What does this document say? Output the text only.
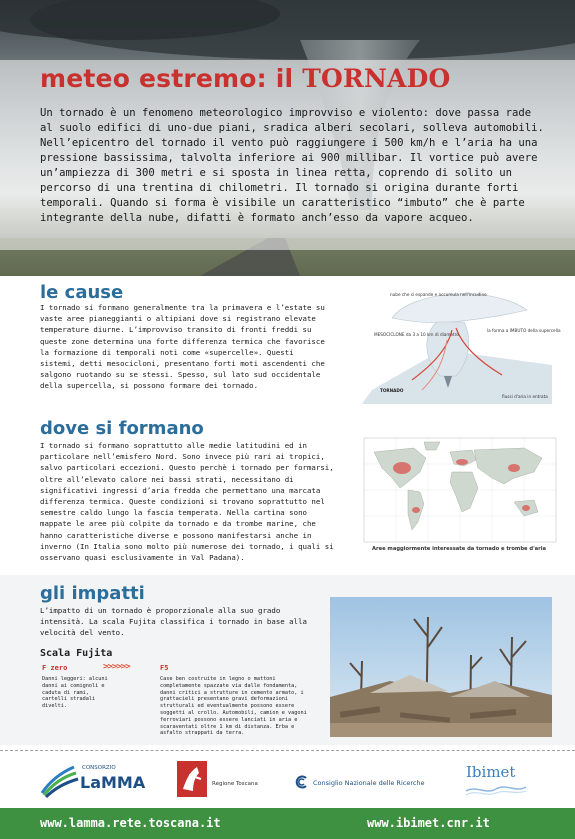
meteo estremo: il TORNADO

Un tornado è un fenomeno meteorologico improvviso e violento: dove passa rade al suolo edifici di uno-due piani, sradica alberi secolari, solleva automobili. Nell’epicentro del tornado il vento può raggiungere i 500 km/h e l’aria ha una pressione bassissima, talvolta inferiore ai 900 millibar. Il vortice può avere un’ampiezza di 300 metri e si sposta in linea retta, coprendo di solito un percorso di una trentina di chilometri. Il tornado si origina durante forti temporali. Quando si forma è visibile un caratteristico “imbuto” che è parte integrante della nube, difatti è formato anch’esso da vapore acqueo.

le cause

I tornado si formano generalmente tra la primavera e l’estate su vaste aree pianeggianti o altipiani dove si registrano elevate temperature diurne. L’improvviso transito di fronti freddi su queste zone determina una forte differenza termica che favorisce la formazione di temporali noti come «supercelle». Questi sistemi, detti mesocicloni, presentano forti moti ascendenti che salgono ruotando su se stessi. Spesso, sul lato sud occidentale della supercella, si possono formare dei tornado.

nube che si espande e accumula nell'incudine
MESOCICLONE da 3 a 10 km di diametro
la forma a IMBUTO della supercella
TORNADO
flussi d'aria in entrata
dove si formano

I tornado si formano soprattutto alle medie latitudini ed in particolare nell’emisfero Nord. Sono invece più rari ai tropici, salvo particolari eccezioni. Questo perchè i tornado per formarsi, oltre all’elevato calore nei bassi strati, necessitano di significativi ingressi d’aria fredda che permettano una marcata differenza termica. Queste condizioni si trovano soprattutto nel semestre caldo lungo la fascia temperata. Nella cartina sono mappate le aree più colpite da tornado e da trombe marine, che hanno caratteristiche diverse e possono manifestarsi anche in inverno (In Italia sono molto più numerose dei tornado, i quali si osservano quasi esclusivamente in Val Padana).

Aree maggiormente interessate da tornado e trombe d'aria

gli impatti

L’impatto di un tornado è proporzionale alla suo grado intensità. La scala Fujita classifica i tornado in base alla velocità del vento.

Scala Fujita

F zero	>>>>>>	F5

Danni leggeri: alcuni danni ai comignoli e caduta di rami, cartelli stradali divelti.

Case ben costruite in legno o mattoni completamente spazzate via dalle fondamenta, danni critici a strutture in cemento armato, i grattacieli presentano gravi deformazioni strutturali ed eventualmente possono essere soggetti al crollo. Automobili, camion e vagoni ferroviari possono essere lanciati in aria e scaraventati oltre 1 km di distanza. Erba e asfalto strappati da terra.

CONSORZIO

LaMMA	Regione Toscana	Consiglio Nazionale delle Ricerche

Ibimet

www.lamma.rete.toscana.it	www.ibimet.cnr.it
